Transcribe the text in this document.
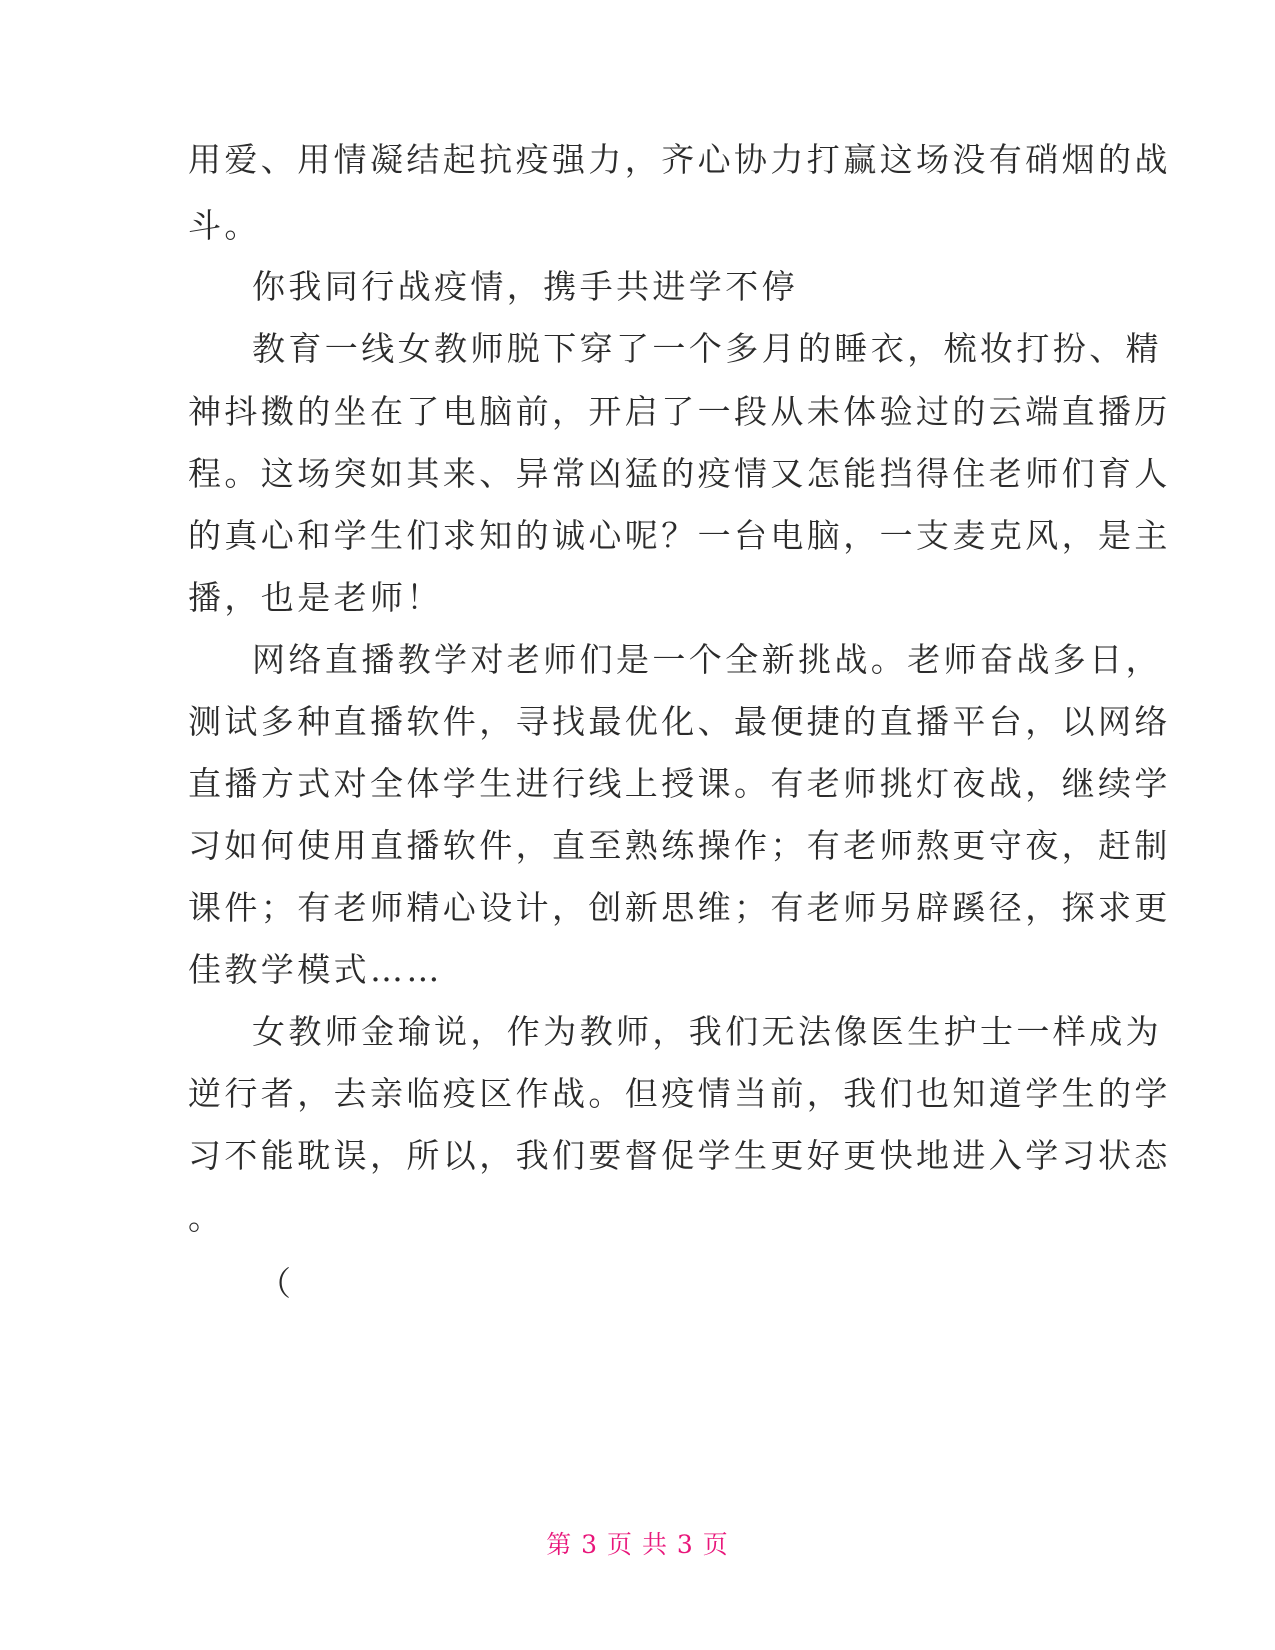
用爱、用情凝结起抗疫强力，齐心协力打赢这场没有硝烟的战
斗。
你我同行战疫情，携手共进学不停
教育一线女教师脱下穿了一个多月的睡衣，梳妆打扮、精
神抖擞的坐在了电脑前，开启了一段从未体验过的云端直播历
程。这场突如其来、异常凶猛的疫情又怎能挡得住老师们育人
的真心和学生们求知的诚心呢？一台电脑，一支麦克风，是主
播，也是老师！
网络直播教学对老师们是一个全新挑战。老师奋战多日，
测试多种直播软件，寻找最优化、最便捷的直播平台，以网络
直播方式对全体学生进行线上授课。有老师挑灯夜战，继续学
习如何使用直播软件，直至熟练操作；有老师熬更守夜，赶制
课件；有老师精心设计，创新思维；有老师另辟蹊径，探求更
佳教学模式……
女教师金瑜说，作为教师，我们无法像医生护士一样成为
逆行者，去亲临疫区作战。但疫情当前，我们也知道学生的学
习不能耽误，所以，我们要督促学生更好更快地进入学习状态
。
（
第 3 页 共 3 页
